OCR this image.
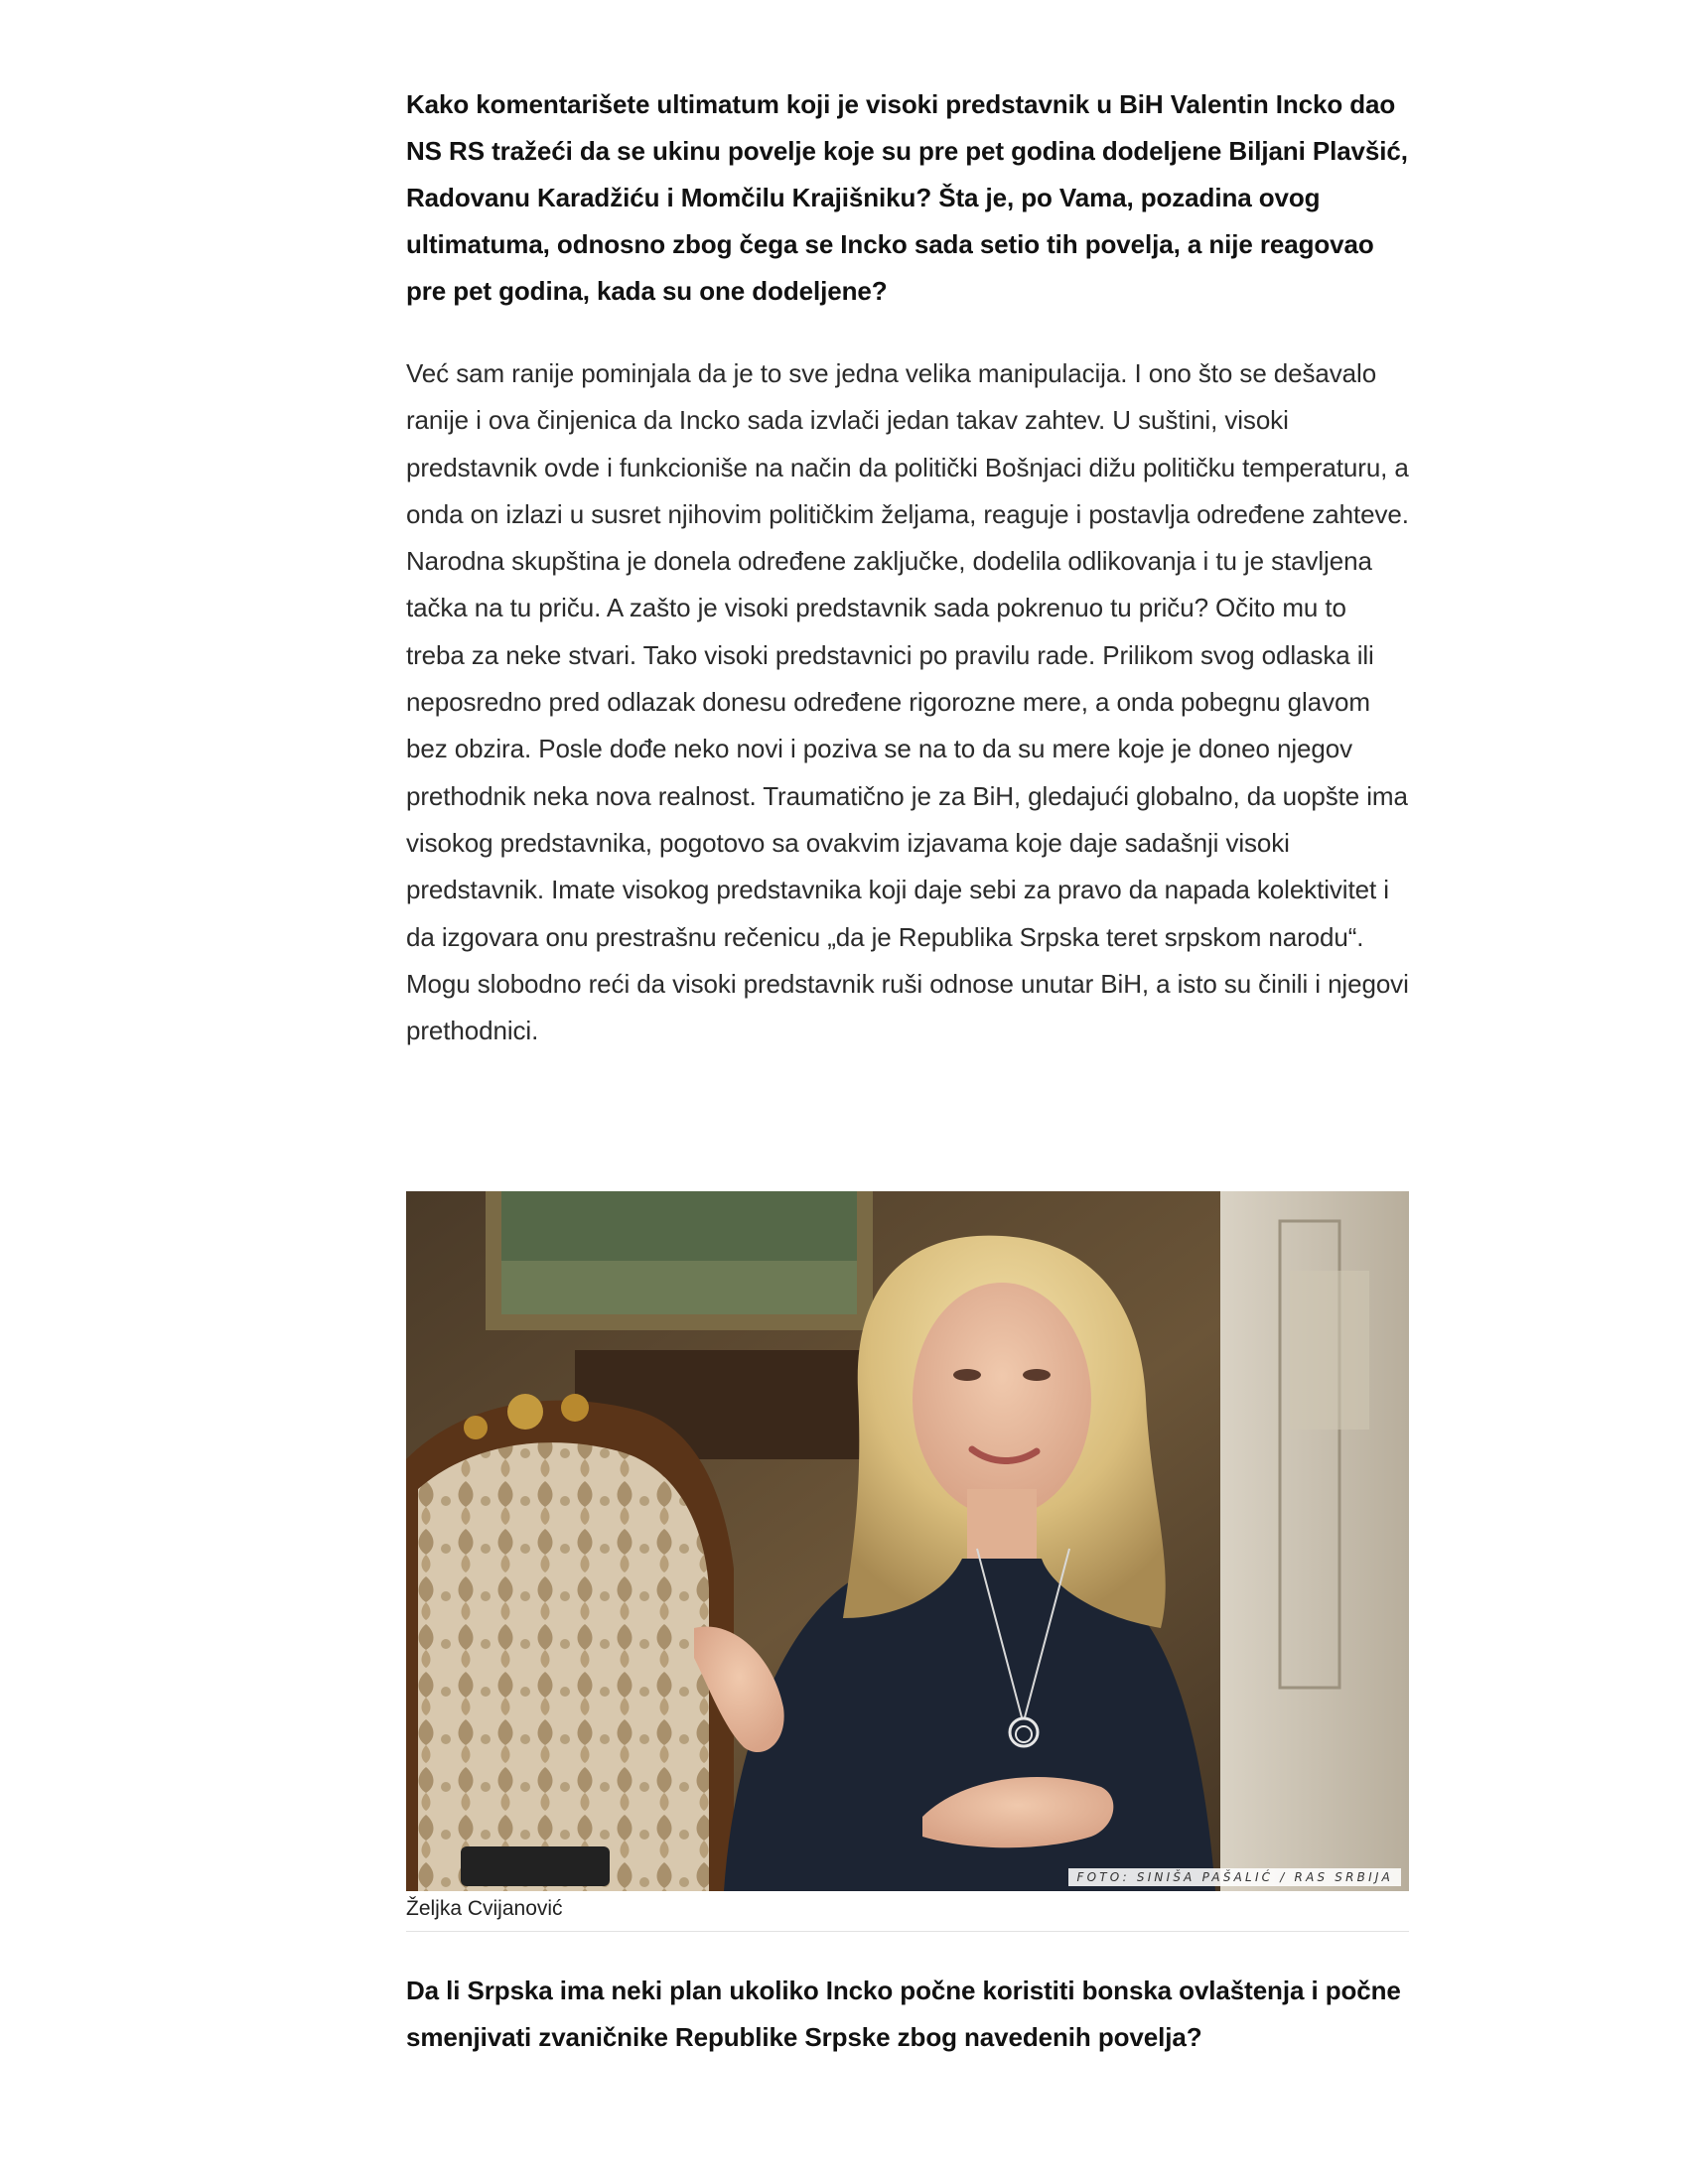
Kako komentarišete ultimatum koji je visoki predstavnik u BiH Valentin Incko dao NS RS tražeći da se ukinu povelje koje su pre pet godina dodeljene Biljani Plavšić, Radovanu Karadžiću i Momčilu Krajišniku? Šta je, po Vama, pozadina ovog ultimatuma, odnosno zbog čega se Incko sada setio tih povelja, a nije reagovao pre pet godina, kada su one dodeljene?

Već sam ranije pominjala da je to sve jedna velika manipulacija. I ono što se dešavalo ranije i ova činjenica da Incko sada izvlači jedan takav zahtev. U suštini, visoki predstavnik ovde i funkcioniše na način da politički Bošnjaci dižu političku temperaturu, a onda on izlazi u susret njihovim političkim željama, reaguje i postavlja određene zahteve. Narodna skupština je donela određene zaključke, dodelila odlikovanja i tu je stavljena tačka na tu priču. A zašto je visoki predstavnik sada pokrenuo tu priču? Očito mu to treba za neke stvari. Tako visoki predstavnici po pravilu rade. Prilikom svog odlaska ili neposredno pred odlazak donesu određene rigorozne mere, a onda pobegnu glavom bez obzira. Posle dođe neko novi i poziva se na to da su mere koje je doneo njegov prethodnik neka nova realnost. Traumatično je za BiH, gledajući globalno, da uopšte ima visokog predstavnika, pogotovo sa ovakvim izjavama koje daje sadašnji visoki predstavnik. Imate visokog predstavnika koji daje sebi za pravo da napada kolektivitet i da izgovara onu prestrašnu rečenicu „da je Republika Srpska teret srpskom narodu“. Mogu slobodno reći da visoki predstavnik ruši odnose unutar BiH, a isto su činili i njegovi prethodnici.

FOTO: SINIŠA PAŠALIĆ / RAS SRBIJA
Željka Cvijanović

Da li Srpska ima neki plan ukoliko Incko počne koristiti bonska ovlaštenja i počne smenjivati zvaničnike Republike Srpske zbog navedenih povelja?
